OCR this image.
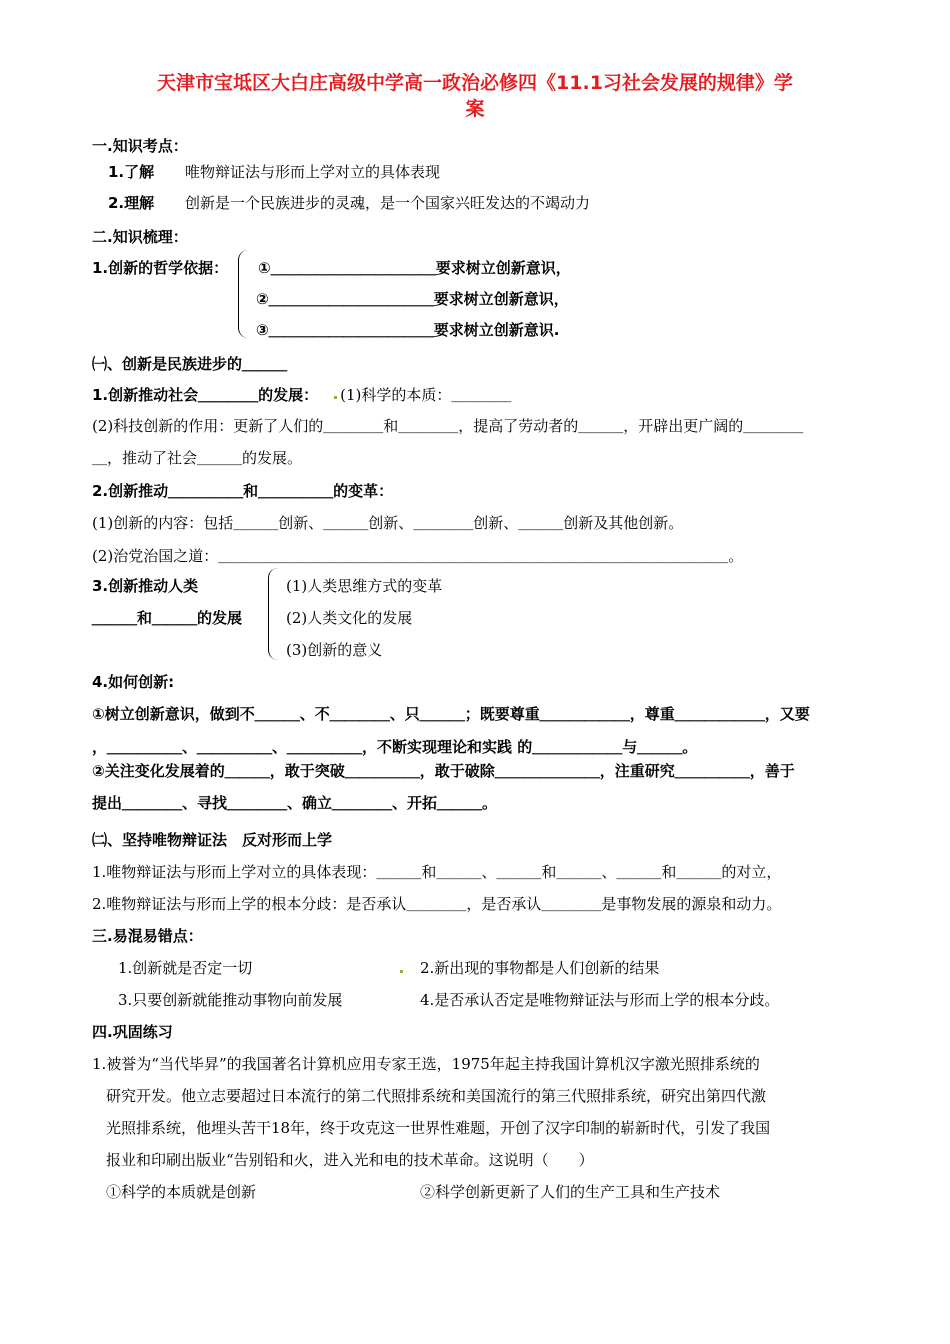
天津市宝坻区大白庄高级中学高一政治必修四《11.1习社会发展的规律》学
案
一.知识考点：
1.了解 唯物辩证法与形而上学对立的具体表现
2.理解 创新是一个民族进步的灵魂，是一个国家兴旺发达的不竭动力
二.知识梳理：
1.创新的哲学依据： ①＿＿＿＿＿＿＿＿＿＿＿要求树立创新意识，
②＿＿＿＿＿＿＿＿＿＿＿要求树立创新意识，
③＿＿＿＿＿＿＿＿＿＿＿要求树立创新意识.
㈠、创新是民族进步的＿＿＿
1.创新推动社会＿＿＿＿的发展： (1)科学的本质：＿＿＿＿
(2)科技创新的作用：更新了人们的＿＿＿＿和＿＿＿＿，提高了劳动者的＿＿＿，开辟出更广阔的＿＿＿＿
＿，推动了社会＿＿＿的发展。
2.创新推动＿＿＿＿＿和＿＿＿＿＿的变革：
(1)创新的内容：包括＿＿＿创新、＿＿＿创新、＿＿＿＿创新、＿＿＿创新及其他创新。
(2)治党治国之道：＿＿＿＿＿＿＿＿＿＿＿＿＿＿＿＿＿＿＿＿＿＿＿＿＿＿＿＿＿＿＿＿＿＿。
3.创新推动人类
＿＿＿和＿＿＿的发展
(1)人类思维方式的变革
(2)人类文化的发展
(3)创新的意义
4.如何创新:
①树立创新意识，做到不＿＿＿、不＿＿＿＿、只＿＿＿；既要尊重＿＿＿＿＿＿，尊重＿＿＿＿＿＿，又要
，＿＿＿＿＿、＿＿＿＿＿、＿＿＿＿＿，不断实现理论和实践 的＿＿＿＿＿＿与＿＿＿。
②关注变化发展着的＿＿＿，敢于突破＿＿＿＿＿，敢于破除＿＿＿＿＿＿＿，注重研究＿＿＿＿＿，善于
提出＿＿＿＿、寻找＿＿＿＿、确立＿＿＿＿、开拓＿＿＿。
㈡、坚持唯物辩证法　反对形而上学
1.唯物辩证法与形而上学对立的具体表现：＿＿＿和＿＿＿、＿＿＿和＿＿＿、＿＿＿和＿＿＿的对立，
2.唯物辩证法与形而上学的根本分歧：是否承认＿＿＿＿，是否承认＿＿＿＿是事物发展的源泉和动力。
三.易混易错点：
1.创新就是否定一切	2.新出现的事物都是人们创新的结果
3.只要创新就能推动事物向前发展	4.是否承认否定是唯物辩证法与形而上学的根本分歧。
四.巩固练习
1.被誉为“当代毕昇”的我国著名计算机应用专家王选，1975年起主持我国计算机汉字激光照排系统的
研究开发。他立志要超过日本流行的第二代照排系统和美国流行的第三代照排系统，研究出第四代激
光照排系统，他埋头苦干18年，终于攻克这一世界性难题，开创了汉字印制的崭新时代，引发了我国
报业和印刷出版业“告别铅和火，进入光和电的技术革命。这说明（　　）
①科学的本质就是创新	②科学创新更新了人们的生产工具和生产技术
